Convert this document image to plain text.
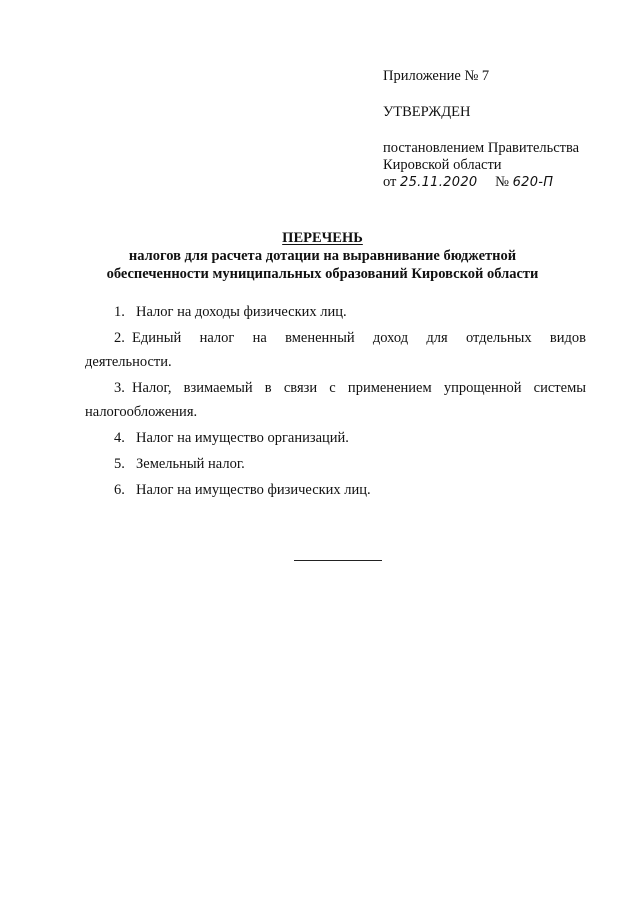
Приложение № 7
УТВЕРЖДЕН
постановлением Правительства
Кировской области
от 25.11.2020 № 620-П
ПЕРЕЧЕНЬ
налогов для расчета дотации на выравнивание бюджетной
обеспеченности муниципальных образований Кировской области
1. Налог на доходы физических лиц.
2. Единый налог на вмененный доход для отдельных видов
деятельности.
3. Налог, взимаемый в связи с применением упрощенной системы
налогообложения.
4. Налог на имущество организаций.
5. Земельный налог.
6. Налог на имущество физических лиц.
